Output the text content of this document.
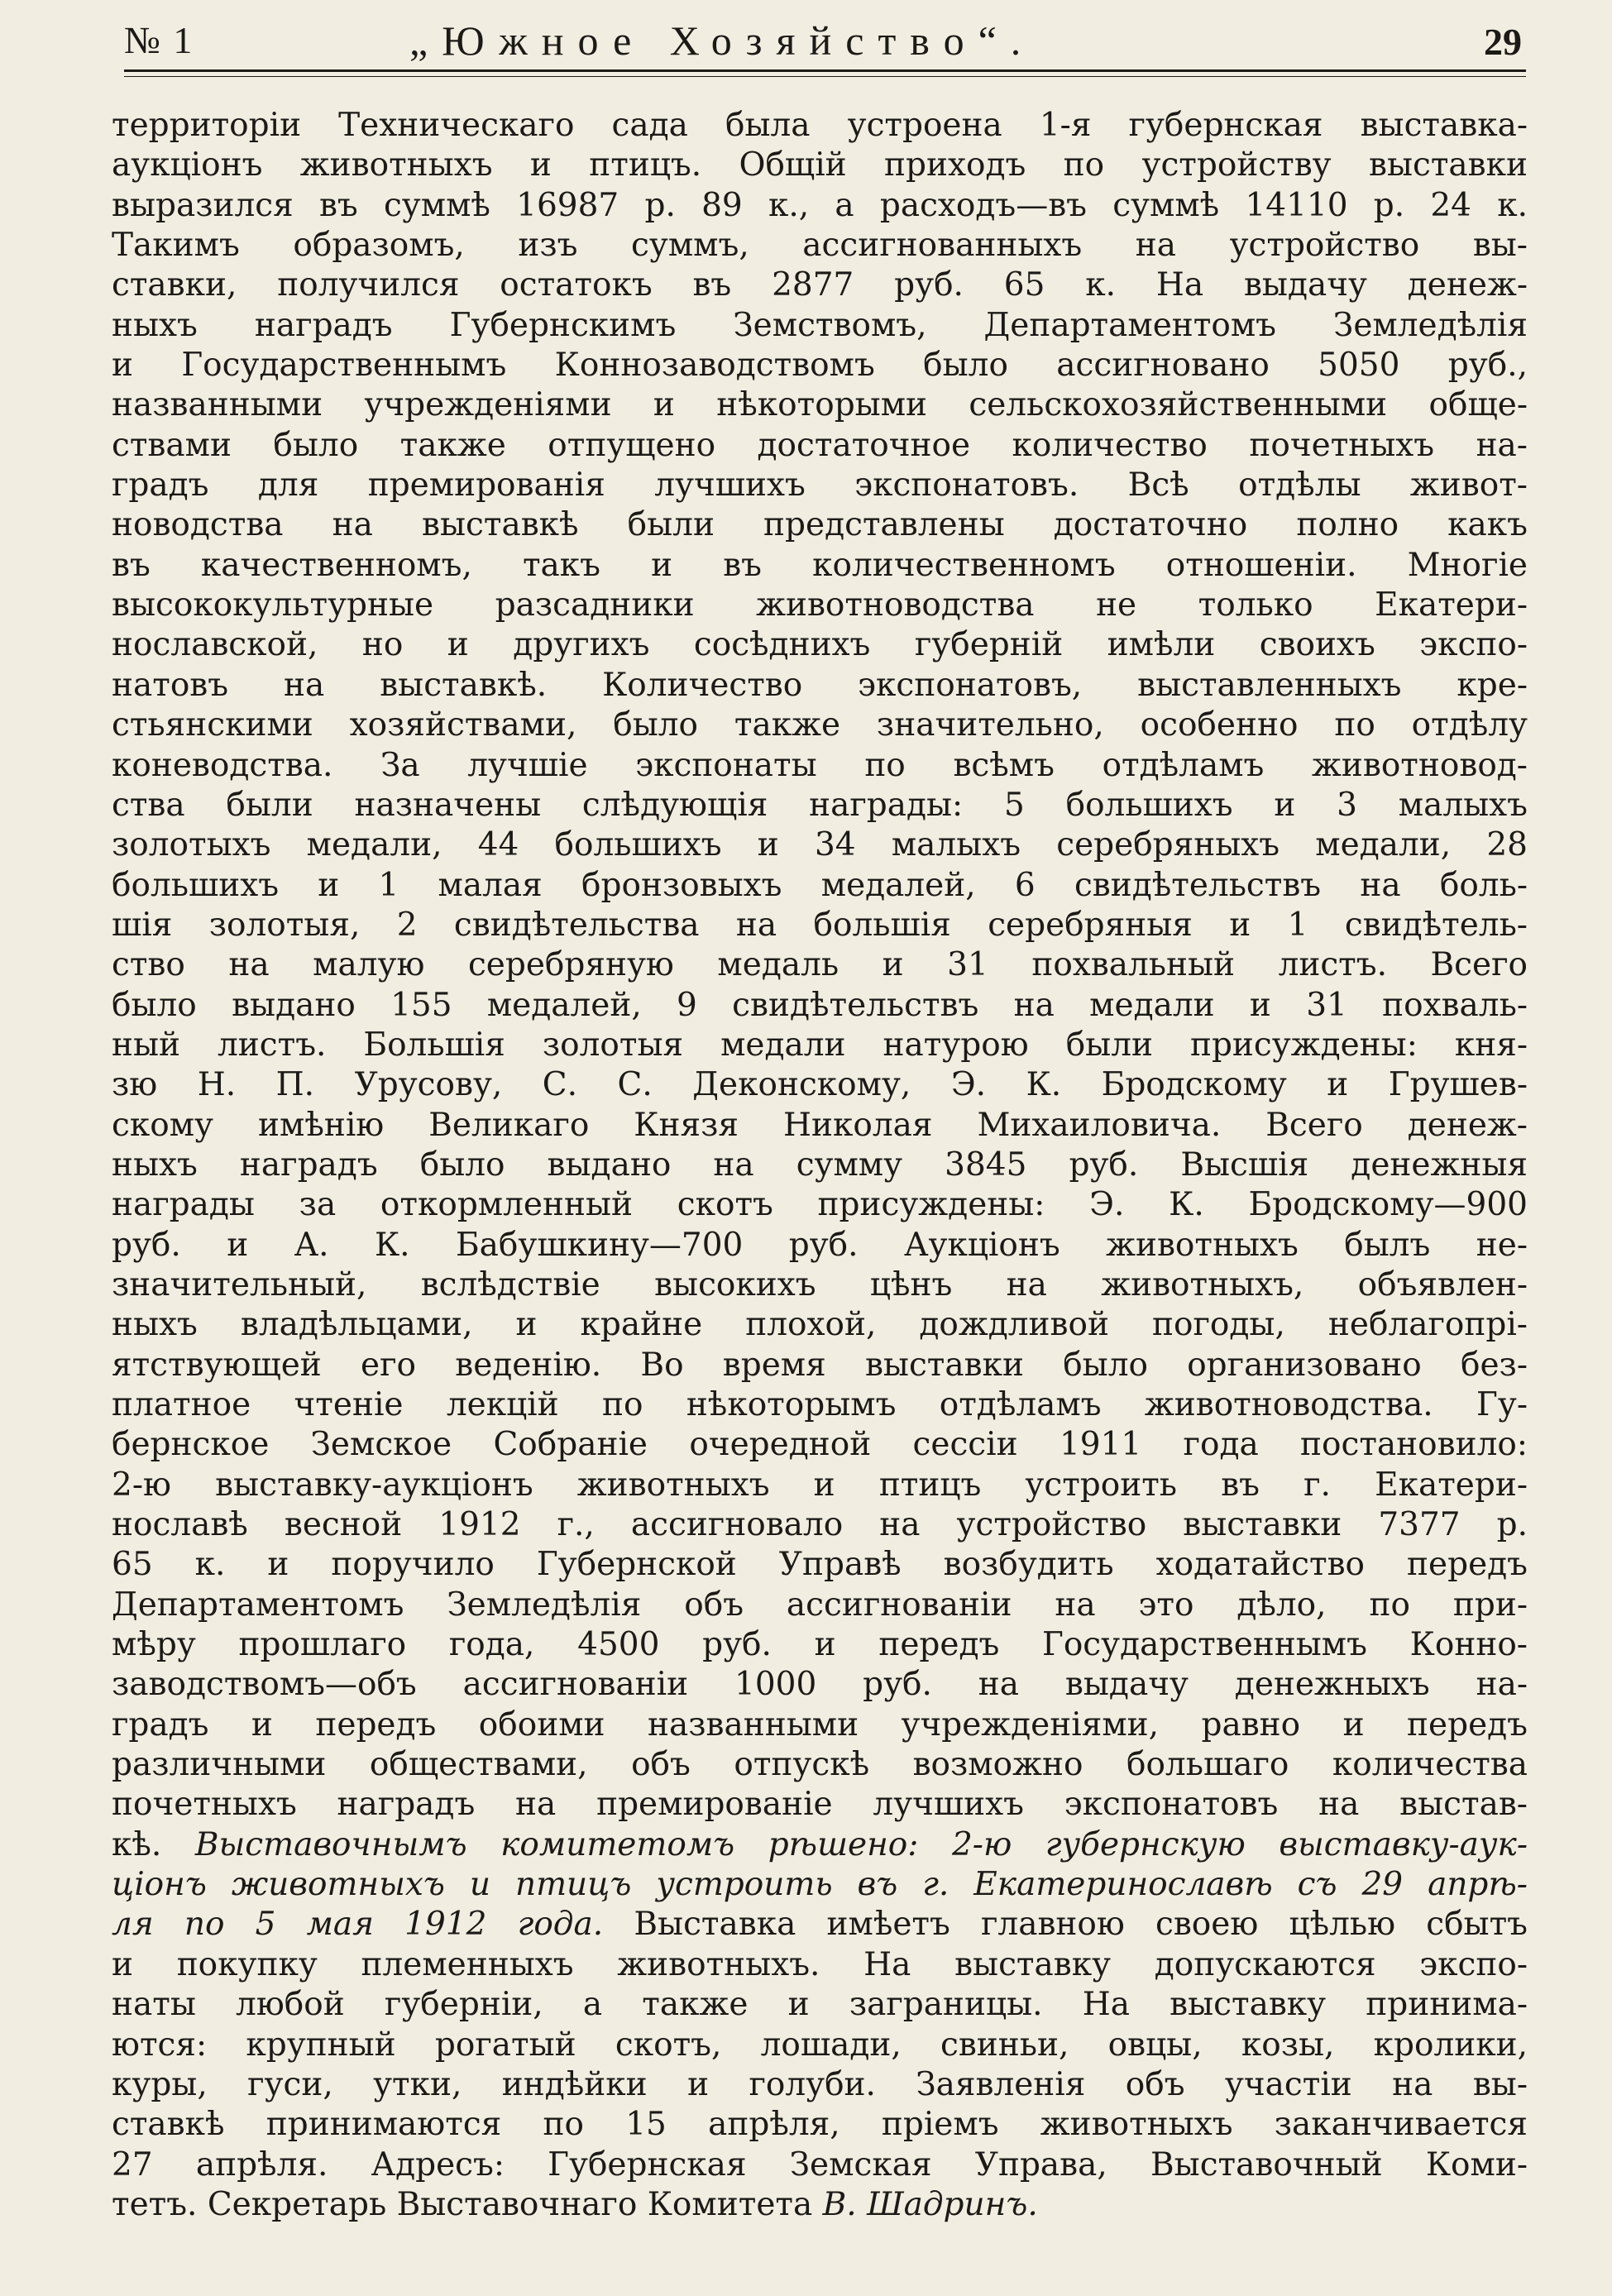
№ 1	„Южное Хозяйство“.	29
территорiи Техническаго сада была устроена 1-я губернская выставка-
аукцiонъ животныхъ и птицъ. Общiй приходъ по устройству выставки
выразился въ суммѣ 16987 р. 89 к., а расходъ—въ суммѣ 14110 р. 24 к.
Такимъ образомъ, изъ суммъ, ассигнованныхъ на устройство вы-
ставки, получился остатокъ въ 2877 руб. 65 к. На выдачу денеж-
ныхъ наградъ Губернскимъ Земствомъ, Департаментомъ Земледѣлiя
и Государственнымъ Коннозаводствомъ было ассигновано 5050 руб.,
названными учрежденiями и нѣкоторыми сельскохозяйственными обще-
ствами было также отпущено достаточное количество почетныхъ на-
градъ для премированiя лучшихъ экспонатовъ. Всѣ отдѣлы живот-
новодства на выставкѣ были представлены достаточно полно какъ
въ качественномъ, такъ и въ количественномъ отношенiи. Многiе
высококультурные разсадники животноводства не только Екатери-
нославской, но и другихъ сосѣднихъ губернiй имѣли своихъ экспо-
натовъ на выставкѣ. Количество экспонатовъ, выставленныхъ кре-
стьянскими хозяйствами, было также значительно, особенно по отдѣлу
коневодства. За лучшiе экспонаты по всѣмъ отдѣламъ животновод-
ства были назначены слѣдующiя награды: 5 большихъ и 3 малыхъ
золотыхъ медали, 44 большихъ и 34 малыхъ серебряныхъ медали, 28
большихъ и 1 малая бронзовыхъ медалей, 6 свидѣтельствъ на боль-
шiя золотыя, 2 свидѣтельства на большiя серебряныя и 1 свидѣтель-
ство на малую серебряную медаль и 31 похвальный листъ. Всего
было выдано 155 медалей, 9 свидѣтельствъ на медали и 31 похваль-
ный листъ. Большiя золотыя медали натурою были присуждены: кня-
зю Н. П. Урусову, С. С. Деконскому, Э. К. Бродскому и Грушев-
скому имѣнiю Великаго Князя Николая Михаиловича. Всего денеж-
ныхъ наградъ было выдано на сумму 3845 руб. Высшiя денежныя
награды за откормленный скотъ присуждены: Э. К. Бродскому—900
руб. и А. К. Бабушкину—700 руб. Аукцiонъ животныхъ былъ не-
значительный, вслѣдствiе высокихъ цѣнъ на животныхъ, объявлен-
ныхъ владѣльцами, и крайне плохой, дождливой погоды, неблагопрi-
ятствующей его веденiю. Во время выставки было организовано без-
платное чтенiе лекцiй по нѣкоторымъ отдѣламъ животноводства. Гу-
бернское Земское Собранiе очередной сессiи 1911 года постановило:
2-ю выставку-аукцiонъ животныхъ и птицъ устроить въ г. Екатери-
нославѣ весной 1912 г., ассигновало на устройство выставки 7377 р.
65 к. и поручило Губернской Управѣ возбудить ходатайство передъ
Департаментомъ Земледѣлiя объ ассигнованiи на это дѣло, по при-
мѣру прошлаго года, 4500 руб. и передъ Государственнымъ Конно-
заводствомъ—объ ассигнованiи 1000 руб. на выдачу денежныхъ на-
градъ и передъ обоими названными учрежденiями, равно и передъ
различными обществами, объ отпускѣ возможно большаго количества
почетныхъ наградъ на премированiе лучшихъ экспонатовъ на выстав-
кѣ. Выставочнымъ комитетомъ рѣшено: 2-ю губернскую выставку-аук-
цiонъ животныхъ и птицъ устроить въ г. Екатеринославѣ съ 29 апрѣ-
ля по 5 мая 1912 года. Выставка имѣетъ главною своею цѣлью сбытъ
и покупку племенныхъ животныхъ. На выставку допускаются экспо-
наты любой губернiи, а также и заграницы. На выставку принима-
ются: крупный рогатый скотъ, лошади, свиньи, овцы, козы, кролики,
куры, гуси, утки, индѣйки и голуби. Заявленiя объ участiи на вы-
ставкѣ принимаются по 15 апрѣля, прiемъ животныхъ заканчивается
27 апрѣля. Адресъ: Губернская Земская Управа, Выставочный Коми-
тетъ. Секретарь Выставочнаго Комитета В. Шадринъ.
